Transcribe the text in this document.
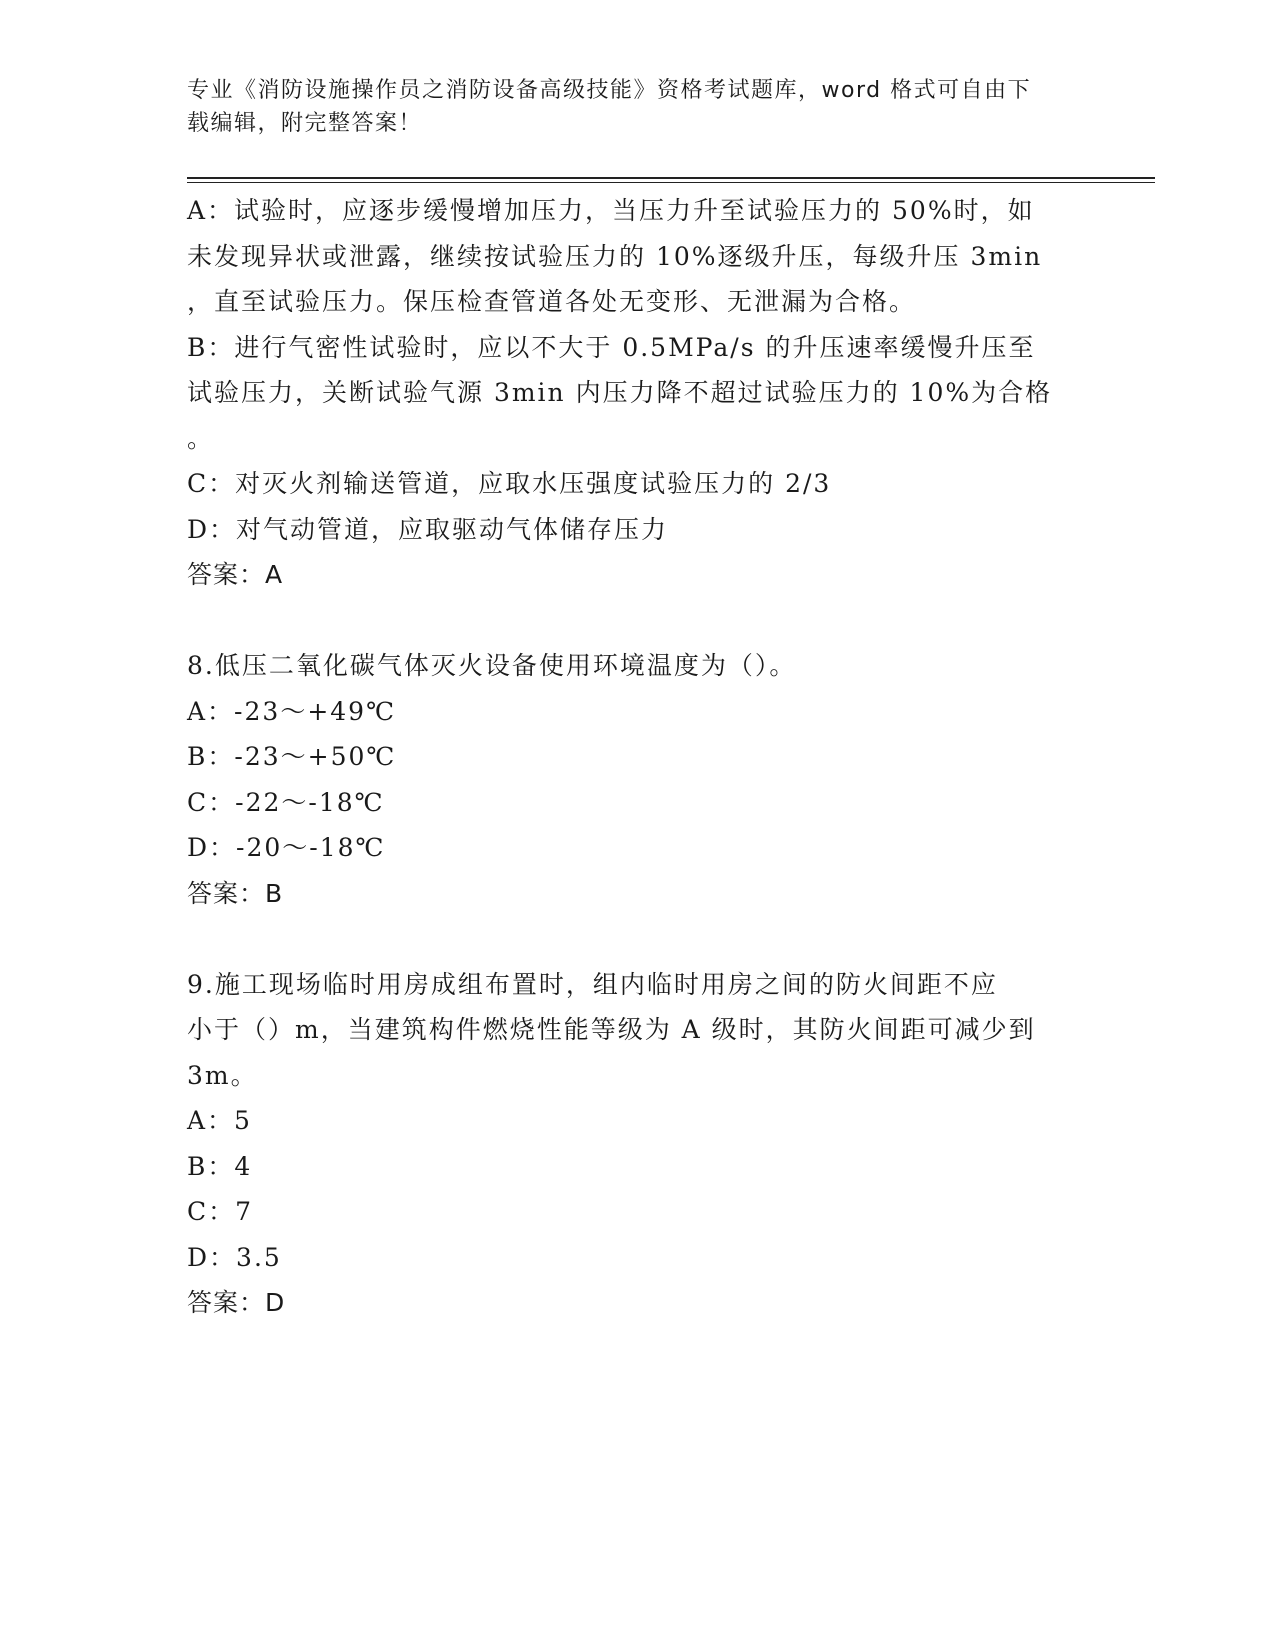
专业《消防设施操作员之消防设备高级技能》资格考试题库，word 格式可自由下
载编辑，附完整答案！
A：试验时，应逐步缓慢增加压力，当压力升至试验压力的 50%时，如
未发现异状或泄露，继续按试验压力的 10%逐级升压，每级升压 3min
，直至试验压力。保压检查管道各处无变形、无泄漏为合格。
B：进行气密性试验时，应以不大于 0.5MPa/s 的升压速率缓慢升压至
试验压力，关断试验气源 3min 内压力降不超过试验压力的 10%为合格
。
C：对灭火剂输送管道，应取水压强度试验压力的 2/3
D：对气动管道，应取驱动气体储存压力
答案：A
8.低压二氧化碳气体灭火设备使用环境温度为（）。
A：-23～+49℃
B：-23～+50℃
C：-22～-18℃
D：-20～-18℃
答案：B
9.施工现场临时用房成组布置时，组内临时用房之间的防火间距不应
小于（）m，当建筑构件燃烧性能等级为 A 级时，其防火间距可减少到
3m。
A：5
B：4
C：7
D：3.5
答案：D
